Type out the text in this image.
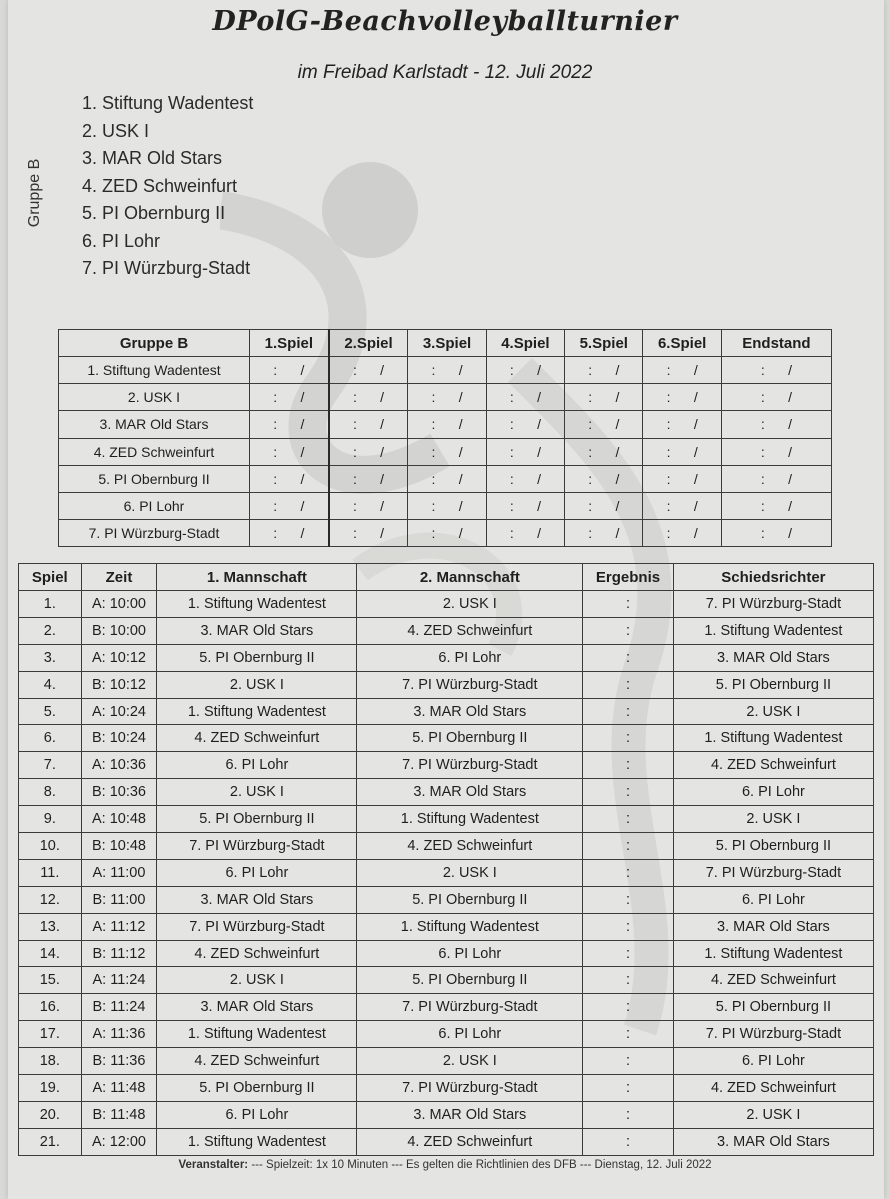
DPolG-Beachvolleyballturnier
im Freibad Karlstadt - 12. Juli 2022
Gruppe B
1. Stiftung Wadentest
2. USK I
3. MAR Old Stars
4. ZED Schweinfurt
5. PI Obernburg II
6. PI Lohr
7. PI Würzburg-Stadt
Gruppe B	1.Spiel	2.Spiel	3.Spiel	4.Spiel	5.Spiel	6.Spiel	Endstand
1. Stiftung Wadentest	:      /	:      /	:      /	:      /	:      /	:      /	:      /
2. USK I	:      /	:      /	:      /	:      /	:      /	:      /	:      /
3. MAR Old Stars	:      /	:      /	:      /	:      /	:      /	:      /	:      /
4. ZED Schweinfurt	:      /	:      /	:      /	:      /	:      /	:      /	:      /
5. PI Obernburg II	:      /	:      /	:      /	:      /	:      /	:      /	:      /
6. PI Lohr	:      /	:      /	:      /	:      /	:      /	:      /	:      /
7. PI Würzburg-Stadt	:      /	:      /	:      /	:      /	:      /	:      /	:      /
Spiel	Zeit	1. Mannschaft	2. Mannschaft	Ergebnis	Schiedsrichter
1.	A: 10:00	1. Stiftung Wadentest	2. USK I	:	7. PI Würzburg-Stadt
2.	B: 10:00	3. MAR Old Stars	4. ZED Schweinfurt	:	1. Stiftung Wadentest
3.	A: 10:12	5. PI Obernburg II	6. PI Lohr	:	3. MAR Old Stars
4.	B: 10:12	2. USK I	7. PI Würzburg-Stadt	:	5. PI Obernburg II
5.	A: 10:24	1. Stiftung Wadentest	3. MAR Old Stars	:	2. USK I
6.	B: 10:24	4. ZED Schweinfurt	5. PI Obernburg II	:	1. Stiftung Wadentest
7.	A: 10:36	6. PI Lohr	7. PI Würzburg-Stadt	:	4. ZED Schweinfurt
8.	B: 10:36	2. USK I	3. MAR Old Stars	:	6. PI Lohr
9.	A: 10:48	5. PI Obernburg II	1. Stiftung Wadentest	:	2. USK I
10.	B: 10:48	7. PI Würzburg-Stadt	4. ZED Schweinfurt	:	5. PI Obernburg II
11.	A: 11:00	6. PI Lohr	2. USK I	:	7. PI Würzburg-Stadt
12.	B: 11:00	3. MAR Old Stars	5. PI Obernburg II	:	6. PI Lohr
13.	A: 11:12	7. PI Würzburg-Stadt	1. Stiftung Wadentest	:	3. MAR Old Stars
14.	B: 11:12	4. ZED Schweinfurt	6. PI Lohr	:	1. Stiftung Wadentest
15.	A: 11:24	2. USK I	5. PI Obernburg II	:	4. ZED Schweinfurt
16.	B: 11:24	3. MAR Old Stars	7. PI Würzburg-Stadt	:	5. PI Obernburg II
17.	A: 11:36	1. Stiftung Wadentest	6. PI Lohr	:	7. PI Würzburg-Stadt
18.	B: 11:36	4. ZED Schweinfurt	2. USK I	:	6. PI Lohr
19.	A: 11:48	5. PI Obernburg II	7. PI Würzburg-Stadt	:	4. ZED Schweinfurt
20.	B: 11:48	6. PI Lohr	3. MAR Old Stars	:	2. USK I
21.	A: 12:00	1. Stiftung Wadentest	4. ZED Schweinfurt	:	3. MAR Old Stars
Veranstalter: --- Spielzeit: 1x 10 Minuten --- Es gelten die Richtlinien des DFB --- Dienstag, 12. Juli 2022
